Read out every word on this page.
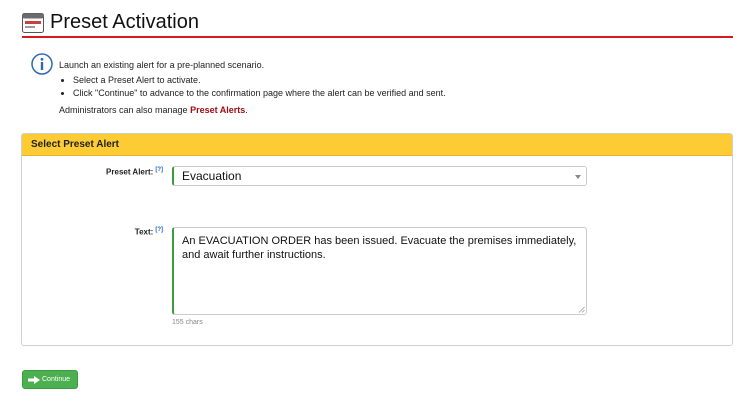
Preset Activation
Launch an existing alert for a pre-planned scenario.
• Select a Preset Alert to activate.
• Click "Continue" to advance to the confirmation page where the alert can be verified and sent.
Administrators can also manage Preset Alerts.
Select Preset Alert
Preset Alert: [?]	Evacuation
Text: [?]
An EVACUATION ORDER has been issued. Evacuate the premises immediately, and await further instructions.
155 chars
Continue
